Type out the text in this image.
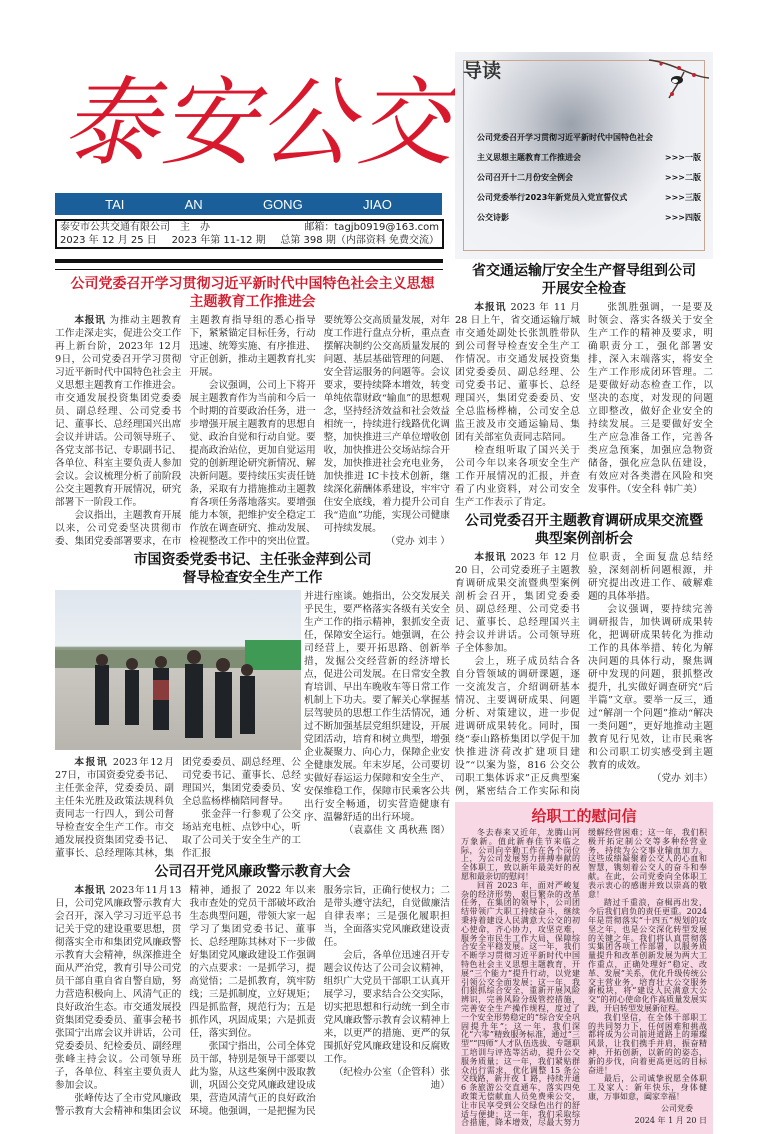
泰安公交
TAI	AN	GONG	JIAO
泰安市公共交通有限公司　主　办	邮箱：tagjb0919@163.com
2023 年 12 月 25 日 2023 年第 11-12 期 总第 398 期（内部资料 免费交流）
公司党委召开学习贯彻习近平新时代中国特色社会主义思想
主题教育工作推进会

本报讯 为推动主题教育工作走深走实，促进公交工作再上新台阶，2023年 12月 9日，公司党委召开学习贯彻习近平新时代中国特色社会主义思想主题教育工作推进会。市交通发展投资集团党委委员、副总经理、公司党委书记、董事长、总经理国兴出席会议并讲话。公司领导班子、各党支部书记、专职副书记、各单位、科室主要负责人参加会议。会议梳理分析了前阶段公交主题教育开展情况，研究部署下一阶段工作。

会议指出，主题教育开展以来，公司党委坚决贯彻市委、集团党委部署要求，在市主题教育指导组的悉心指导下，紧紧锚定目标任务，行动迅速、统筹实施、有序推进、守正创新，推动主题教育扎实开展。

会议强调，公司上下将开展主题教育作为当前和今后一个时期的首要政治任务，进一步增强开展主题教育的思想自觉、政治自觉和行动自觉。要提高政治站位，更加自觉运用党的创新理论研究新情况、解决新问题。要持续压实责任链条，采取有力措施推动主题教育各项任务落地落实。要增强能力本领，把维护安全稳定工作放在调查研究、推动发展、检视整改工作中的突出位置。要统筹公交高质量发展，对年度工作进行盘点分析，重点查摆解决制约公交高质量发展的问题、基层基础管理的问题、安全营运服务的问题等。会议要求，要持续降本增效，转变单纯依靠财政“输血”的思想观念，坚持经济效益和社会效益相统一，持续进行线路优化调整，加快推进三产单位增收创收，加快推进公交场站综合开发，加快推进社会充电业务，加快推进 IC卡技术创新，继续深化薪酬体系建设，牢牢守住安全底线，着力提升公司自我“造血”功能，实现公司健康可持续发展。

（党办 刘丰 ）

市国资委党委书记、主任张金萍到公司
督导检查安全生产工作

本报讯 2023年12月27日，市国资委党委书记、主任张金萍，党委委员、副主任朱光胜及政策法规科负责同志一行四人，到公司督导检查安全生产工作。市交通发展投资集团党委书记、董事长、总经理陈其林，集团党委委员、副总经理、公司党委书记、董事长、总经理国兴，集团党委委员、安全总监杨桦楠陪同督导。

张金萍一行参观了公交场站充电桩、点钞中心，听取了公司关于安全生产的工作汇报

并进行座谈。她指出，公交发展关乎民生，要严格落实各级有关安全生产工作的指示精神，狠抓安全责任，保障安全运行。她强调，在公司经营上，要开拓思路、创新举措，发掘公交经营新的经济增长点，促进公司发展。在日常安全教育培训、早出车晚收车等日常工作机制上下功夫。要了解关心掌握基层驾驶员的思想工作生活情况，通过不断加强基层党组织建设，开展党团活动，培育和树立典型，增强企业凝聚力、向心力，保障企业安全健康发展。年末岁尾，公司要切实做好春运运力保障和安全生产、安保维稳工作，保障市民乘客公共出行安全畅通，切实营造健康有序、温馨舒适的出行环境。

（袁嘉佳 文 禹秋燕 图）

公司召开党风廉政警示教育大会

本报讯 2023年11月13日，公司党风廉政警示教育大会召开，深入学习习近平总书记关于党的建设重要思想，贯彻落实全市和集团党风廉政警示教育大会精神，纵深推进全面从严治党，教育引导公司党员干部自重自省自警自励，努力营造积极向上、风清气正的良好政治生态。市交通发展投资集团党委委员、董事会秘书张国宁出席会议并讲话，公司党委委员、纪检委员、副经理张峰主持会议。公司领导班子，各单位、科室主要负责人参加会议。

张峰传达了全市党风廉政警示教育大会精神和集团会议精神，通报了 2022 年以来我市查处的党员干部破坏政治生态典型问题，带领大家一起学习了集团党委书记、董事长、总经理陈其林对下一步做好集团党风廉政建设工作强调的六点要求：一是抓学习，提高觉悟；二是抓教育，筑牢防线；三是抓制度，立好规矩；四是抓监督，规范行为；五是抓作风，巩固成果；六是抓责任，落实到位。

张国宁指出，公司全体党员干部，特别是领导干部要以此为鉴，从这些案例中汲取教训，巩固公交党风廉政建设成果，营造风清气正的良好政治环境。他强调，一是把握为民服务宗旨，正确行使权力；二是带头遵守法纪，自觉做廉洁自律表率；三是强化履职担当，全面落实党风廉政建设责任。

会后，各单位迅速召开专题会议传达了公司会议精神，组织广大党员干部职工认真开展学习，要求结合公交实际，切实把思想和行动统一到全市党风廉政警示教育会议精神上来，以更严的措施、更严的氛围抓好党风廉政建设和反腐败工作。

（纪检办公室（企管科）张迪）

导读
公司党委召开学习贯彻习近平新时代中国特色社会
主义思想主题教育工作推进会	>>>一版
公司召开十二月份安全例会	>>>二版
公司党委举行2023年新党员入党宣誓仪式	>>>三版
公交诗影	>>>四版
省交通运输厅安全生产督导组到公司
开展安全检查

本报讯 2023 年 11 月 28 日上午，省交通运输厅城市交通处副处长张凯胜带队到公司督导检查安全生产工作情况。市交通发展投资集团党委委员、副总经理、公司党委书记、董事长、总经理国兴，集团党委委员、安全总监杨桦楠，公司安全总监王波及市交通运输局、集团有关部室负责同志陪同。

检查组听取了国兴关于公司今年以来各项安全生产工作开展情况的汇报，并查看了内业资料，对公司安全生产工作表示了肯定。

张凯胜强调，一是要及时领会、落实各级关于安全生产工作的精神及要求，明确职责分工，强化部署安排，深入末端落实，将安全生产工作形成闭环管理。二是要做好动态检查工作，以坚决的态度，对发现的问题立即整改，做好企业安全的持续发展。三是要做好安全生产应急准备工作，完善各类应急预案，加强应急物资储备，强化应急队伍建设，有效应对各类潜在风险和突发事件。（安全科 韩广美）

公司党委召开主题教育调研成果交流暨
典型案例剖析会

本报讯 2023 年 12 月 20 日，公司党委班子主题教育调研成果交流暨典型案例剖析会召开，集团党委委员、副总经理、公司党委书记、董事长、总经理国兴主持会议并讲话。公司领导班子全体参加。

会上，班子成员结合各自分管领域的调研课题，逐一交流发言，介绍调研基本情况、主要调研成果、问题分析、对策建议，进一步促进调研成果转化。同时，围绕“泰山路桥集团以学促干加快推进济荷改扩建项目建设”“以案为鉴，816 公交公司职工集体诉求”正反典型案例，紧密结合工作实际和岗位职责，全面复盘总结经验，深刻剖析问题根源，并研究提出改进工作、破解难题的具体举措。

会议强调，要持续完善调研报告，加快调研成果转化，把调研成果转化为推动工作的具体举措、转化为解决问题的具体行动，聚焦调研中发现的问题，狠抓整改提升，扎实做好调查研究“后半篇”文章。要举一反三，通过“解剖一个问题”推动“解决一类问题”，更好地推动主题教育见行见效，让市民乘客和公司职工切实感受到主题教育的成效。

（党办 刘丰）

给职工的慰问信

冬去春来又近年，龙腾山河万象新。值此新春佳节来临之际，公司向辛勤工作在各个岗位上，为公司发展努力拼搏奉献的全体职工，致以新年最美好的祝愿和最亲切的慰问！

回首 2023 年，面对严峻复杂的经济形势，艰巨繁杂的改革任务，在集团的领导下，公司团结带领广大职工持续奋斗，继续秉持着建设人民满意大公交的初心使命，齐心协力，攻坚克难，服务全市民生工作大局，保障综合安全平稳发展。这一年，我们不断学习贯彻习近平新时代中国特色社会主义思想主题教育，开展“三个能力”提升行动，以党建引领公交全面发展；这一年，我们狠抓综合安全，重新开展风险辨识，完善风险分级管控措施，完善安全生产操作规程，度过了一个安全形势稳定的“综合安全巩固提升年”；这一年，我们深化“六零”精致服务标准，通过“三型”“四师”人才队伍选拔、专题职工培训与评选等活动，提升公交服务质量；这一年，我们紧贴群众出行需求，优化调整 15 条公交线路，新开夜 1 路，持续开通 6 条旅游公交直通车，落实四免政策无偿献血人员免费乘公交，让市民享受到公交绿色出行的舒适与便捷；这一年，我们采取综合措施，降本增效，尽最大努力缓解经营困难；这一年，我们积极开拓定制公交等多种经营业务，持续为公交事业输血加力。这些成绩凝聚着公交人的心血和智慧，镌刻着公交人的奋斗和奉献。在此，公司党委向全体职工表示衷心的感谢并致以崇高的敬意！

踏过千重浪，奋楫再出发，今后我们肩负的责任更重。2024 年是贯彻落实“十四五”规划的攻坚之年，也是公交深化转型发展的关键之年。我们将认真贯彻落实集团各项工作部署，以服务质量提升和改革创新发展为两大工作重点，正确处理好“稳定、改革、发展”关系，优化升级传统公交主营业务，培育壮大公交服务新板块，将“建设人民满意大公交”的初心使命化作高质量发展实践，开启转型发展新征程。

我们坚信，在全体干部职工的共同努力下，任何困难和挑战都将成为公司前进道路上的璀璨风景，让我们携手并肩，振奋精神，开拓创新，以新的的姿态，新的步伐，向着更高更远的目标奋进！

最后，公司诚挚祝愿全体职工及家人：新年快乐，身体健康，万事如意，阖家幸福！

公司党委

2024 年 1 月 20 日
